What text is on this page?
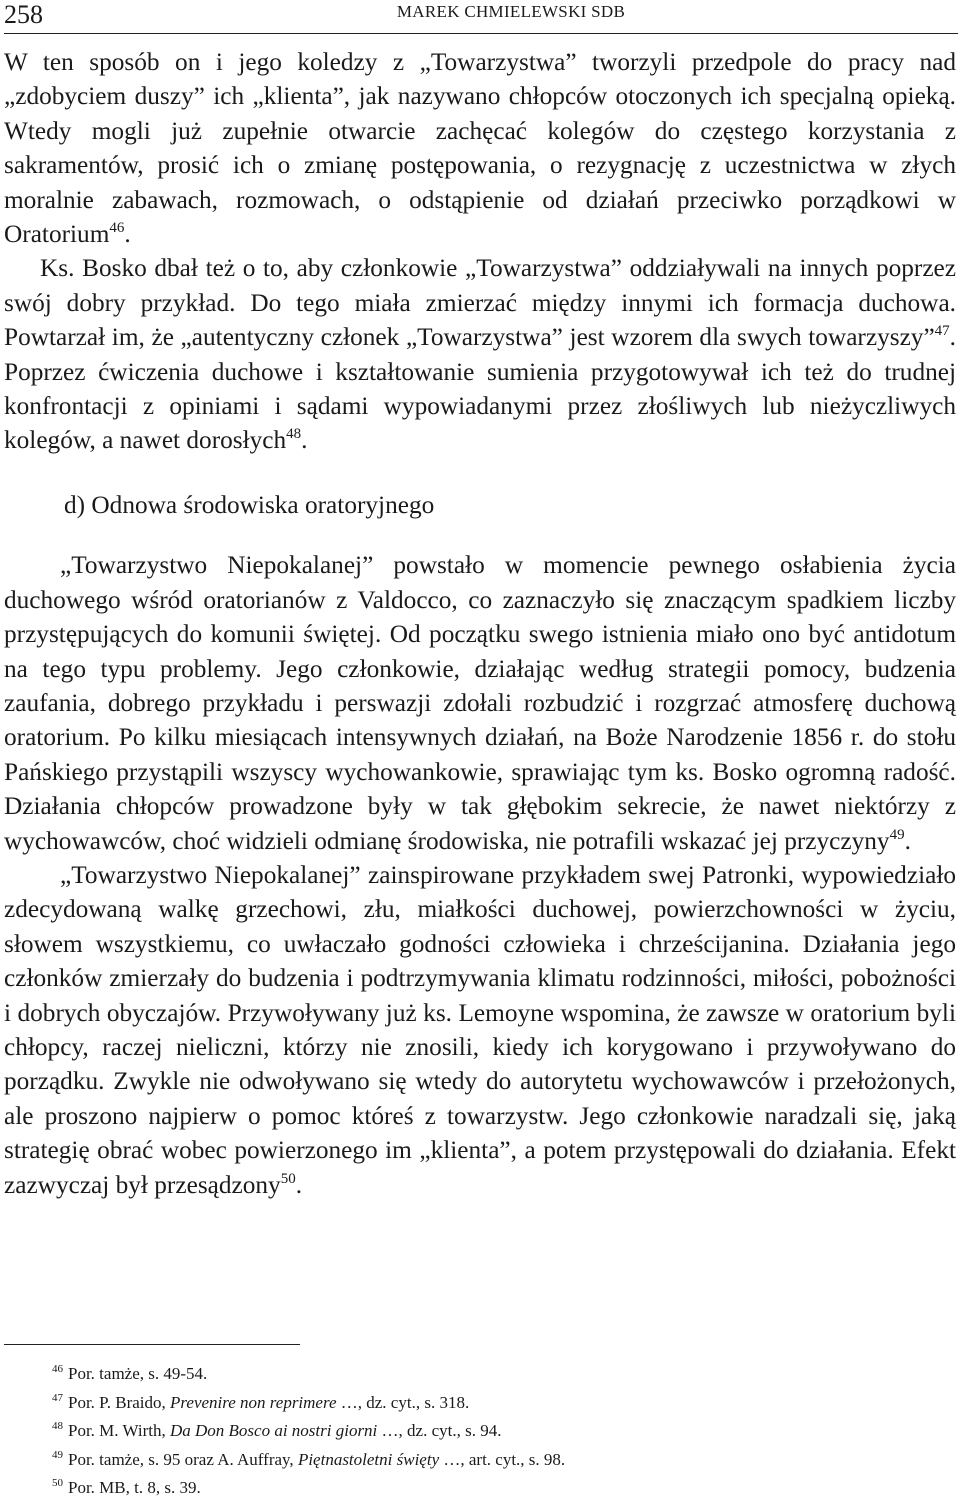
258	MAREK CHMIELEWSKI SDB

W ten sposób on i jego koledzy z „Towarzystwa” tworzyli przedpole do pracy nad „zdobyciem duszy” ich „klienta”, jak nazywano chłopców otoczonych ich specjalną opieką. Wtedy mogli już zupełnie otwarcie zachęcać kolegów do częstego korzystania z sakramentów, prosić ich o zmianę postępowania, o rezygnację z uczestnictwa w złych moralnie zabawach, rozmowach, o odstąpienie od działań przeciwko porządkowi w Oratorium$^{46}$.

Ks. Bosko dbał też o to, aby członkowie „Towarzystwa” oddziaływali na innych poprzez swój dobry przykład. Do tego miała zmierzać między innymi ich formacja duchowa. Powtarzał im, że „autentyczny członek „Towarzystwa” jest wzorem dla swych towarzyszy”$^{47}$. Poprzez ćwiczenia duchowe i kształtowanie sumienia przygotowywał ich też do trudnej konfrontacji z opiniami i sądami wypowiadanymi przez złośliwych lub nieżyczliwych kolegów, a nawet dorosłych$^{48}$.

d) Odnowa środowiska oratoryjnego

„Towarzystwo Niepokalanej” powstało w momencie pewnego osłabienia życia duchowego wśród oratorianów z Valdocco, co zaznaczyło się znaczącym spadkiem liczby przystępujących do komunii świętej. Od początku swego istnienia miało ono być antidotum na tego typu problemy. Jego członkowie, działając według strategii pomocy, budzenia zaufania, dobrego przykładu i perswazji zdołali rozbudzić i rozgrzać atmosferę duchową oratorium. Po kilku miesiącach intensywnych działań, na Boże Narodzenie 1856 r. do stołu Pańskiego przystąpili wszyscy wychowankowie, sprawiając tym ks. Bosko ogromną radość. Działania chłopców prowadzone były w tak głębokim sekrecie, że nawet niektórzy z wychowawców, choć widzieli odmianę środowiska, nie potrafili wskazać jej przyczyny$^{49}$.

„Towarzystwo Niepokalanej” zainspirowane przykładem swej Patronki, wypowiedziało zdecydowaną walkę grzechowi, złu, miałkości duchowej, powierzchowności w życiu, słowem wszystkiemu, co uwłaczało godności człowieka i chrześcijanina. Działania jego członków zmierzały do budzenia i podtrzymywania klimatu rodzinności, miłości, pobożności i dobrych obyczajów. Przywoływany już ks. Lemoyne wspomina, że zawsze w oratorium byli chłopcy, raczej nieliczni, którzy nie znosili, kiedy ich korygowano i przywoływano do porządku. Zwykle nie odwoływano się wtedy do autorytetu wychowawców i przełożonych, ale proszono najpierw o pomoc któreś z towarzystw. Jego członkowie naradzali się, jaką strategię obrać wobec powierzonego im „klienta”, a potem przystępowali do działania. Efekt zazwyczaj był przesądzony$^{50}$.

$^{46}$ Por. tamże, s. 49-54.
$^{47}$ Por. P. Braido, Prevenire non reprimere …, dz. cyt., s. 318.
$^{48}$ Por. M. Wirth, Da Don Bosco ai nostri giorni …, dz. cyt., s. 94.
$^{49}$ Por. tamże, s. 95 oraz A. Auffray, Piętnastoletni święty …, art. cyt., s. 98.
$^{50}$ Por. MB, t. 8, s. 39.
